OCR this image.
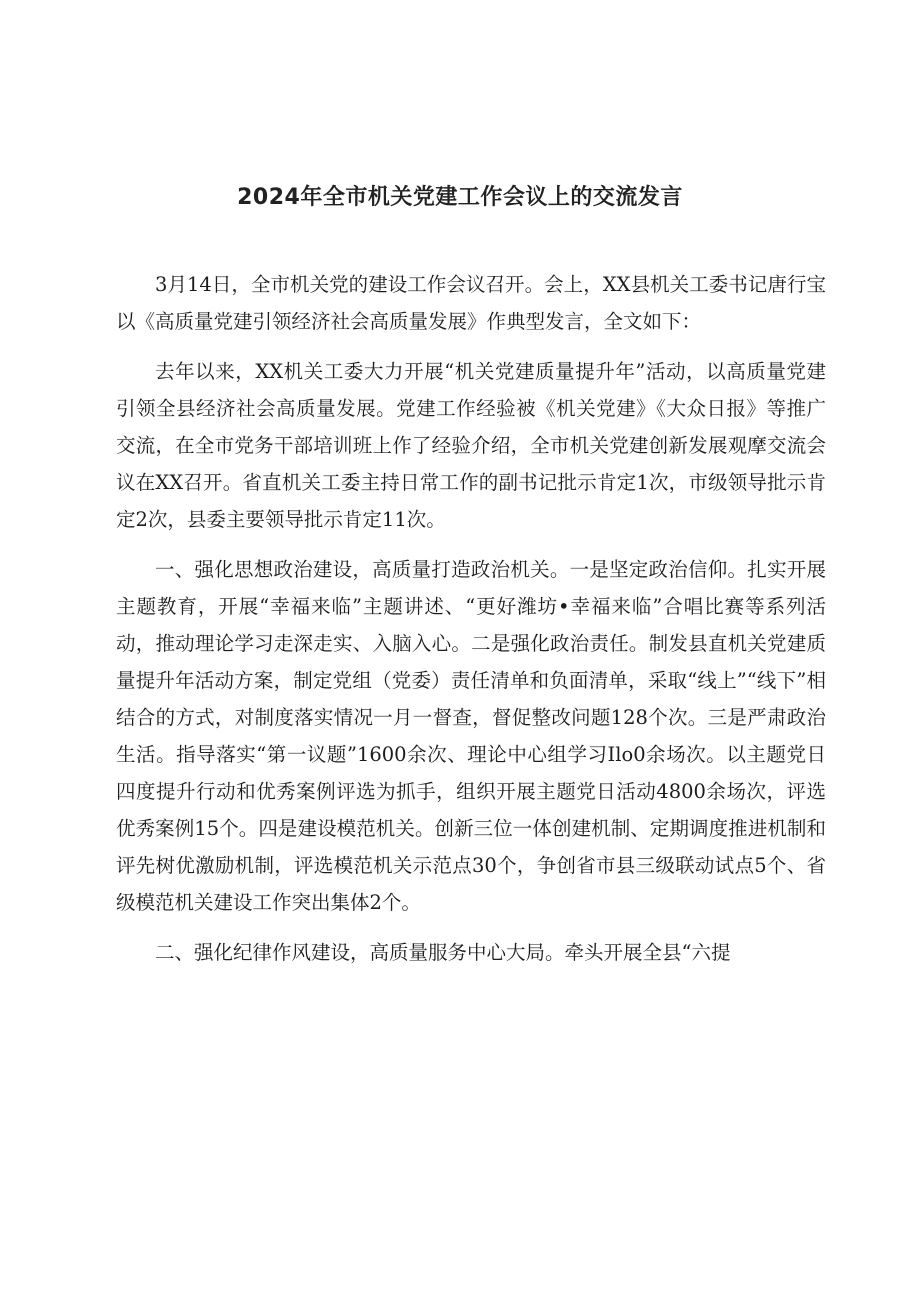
2024年全市机关党建工作会议上的交流发言

3月14日，全市机关党的建设工作会议召开。会上，XX县机关工委书记唐行宝以《高质量党建引领经济社会高质量发展》作典型发言，全文如下：

去年以来，XX机关工委大力开展“机关党建质量提升年”活动，以高质量党建引领全县经济社会高质量发展。党建工作经验被《机关党建》《大众日报》等推广交流，在全市党务干部培训班上作了经验介绍，全市机关党建创新发展观摩交流会议在XX召开。省直机关工委主持日常工作的副书记批示肯定1次，市级领导批示肯定2次，县委主要领导批示肯定11次。

一、强化思想政治建设，高质量打造政治机关。一是坚定政治信仰。扎实开展主题教育，开展“幸福来临”主题讲述、“更好潍坊•幸福来临”合唱比赛等系列活动，推动理论学习走深走实、入脑入心。二是强化政治责任。制发县直机关党建质量提升年活动方案，制定党组（党委）责任清单和负面清单，采取“线上”“线下”相结合的方式，对制度落实情况一月一督查，督促整改问题128个次。三是严肃政治生活。指导落实“第一议题”1600余次、理论中心组学习Ilo0余场次。以主题党日四度提升行动和优秀案例评选为抓手，组织开展主题党日活动4800余场次，评选优秀案例15个。四是建设模范机关。创新三位一体创建机制、定期调度推进机制和评先树优激励机制，评选模范机关示范点30个，争创省市县三级联动试点5个、省级模范机关建设工作突出集体2个。

二、强化纪律作风建设，高质量服务中心大局。牵头开展全县“六提
